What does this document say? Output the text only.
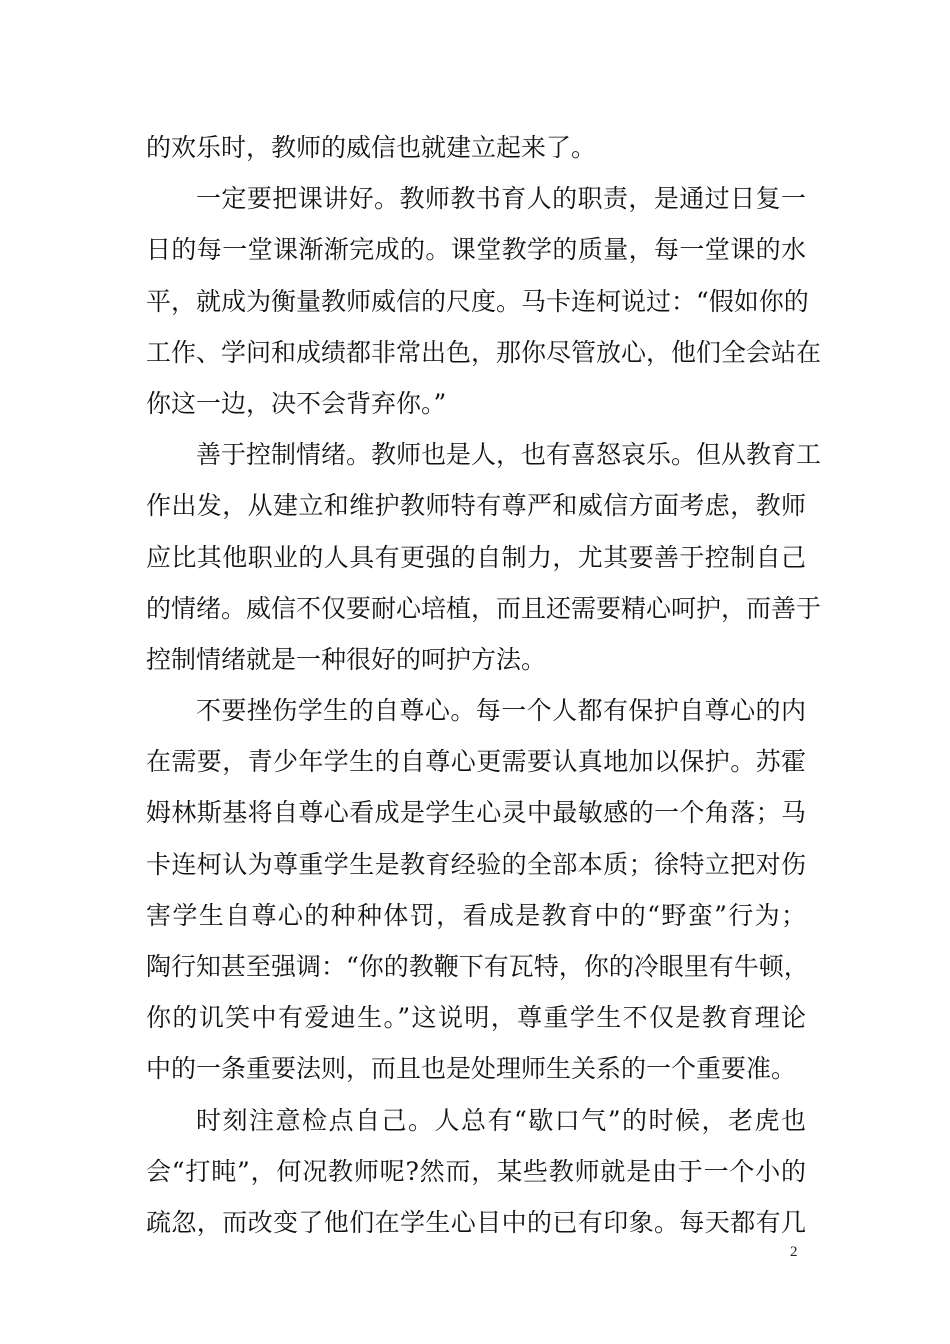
的欢乐时，教师的威信也就建立起来了。
一定要把课讲好。教师教书育人的职责，是通过日复一
日的每一堂课渐渐完成的。课堂教学的质量，每一堂课的水
平，就成为衡量教师威信的尺度。马卡连柯说过：“假如你的
工作、学问和成绩都非常出色，那你尽管放心，他们全会站在
你这一边，决不会背弃你。”
善于控制情绪。教师也是人，也有喜怒哀乐。但从教育工
作出发，从建立和维护教师特有尊严和威信方面考虑，教师
应比其他职业的人具有更强的自制力，尤其要善于控制自己
的情绪。威信不仅要耐心培植，而且还需要精心呵护，而善于
控制情绪就是一种很好的呵护方法。
不要挫伤学生的自尊心。每一个人都有保护自尊心的内
在需要，青少年学生的自尊心更需要认真地加以保护。苏霍
姆林斯基将自尊心看成是学生心灵中最敏感的一个角落；马
卡连柯认为尊重学生是教育经验的全部本质；徐特立把对伤
害学生自尊心的种种体罚，看成是教育中的“野蛮”行为；
陶行知甚至强调：“你的教鞭下有瓦特，你的冷眼里有牛顿，
你的讥笑中有爱迪生。”这说明，尊重学生不仅是教育理论
中的一条重要法则，而且也是处理师生关系的一个重要准。
时刻注意检点自己。人总有“歇口气”的时候，老虎也
会“打盹”，何况教师呢?然而，某些教师就是由于一个小的
疏忽，而改变了他们在学生心目中的已有印象。每天都有几
2
